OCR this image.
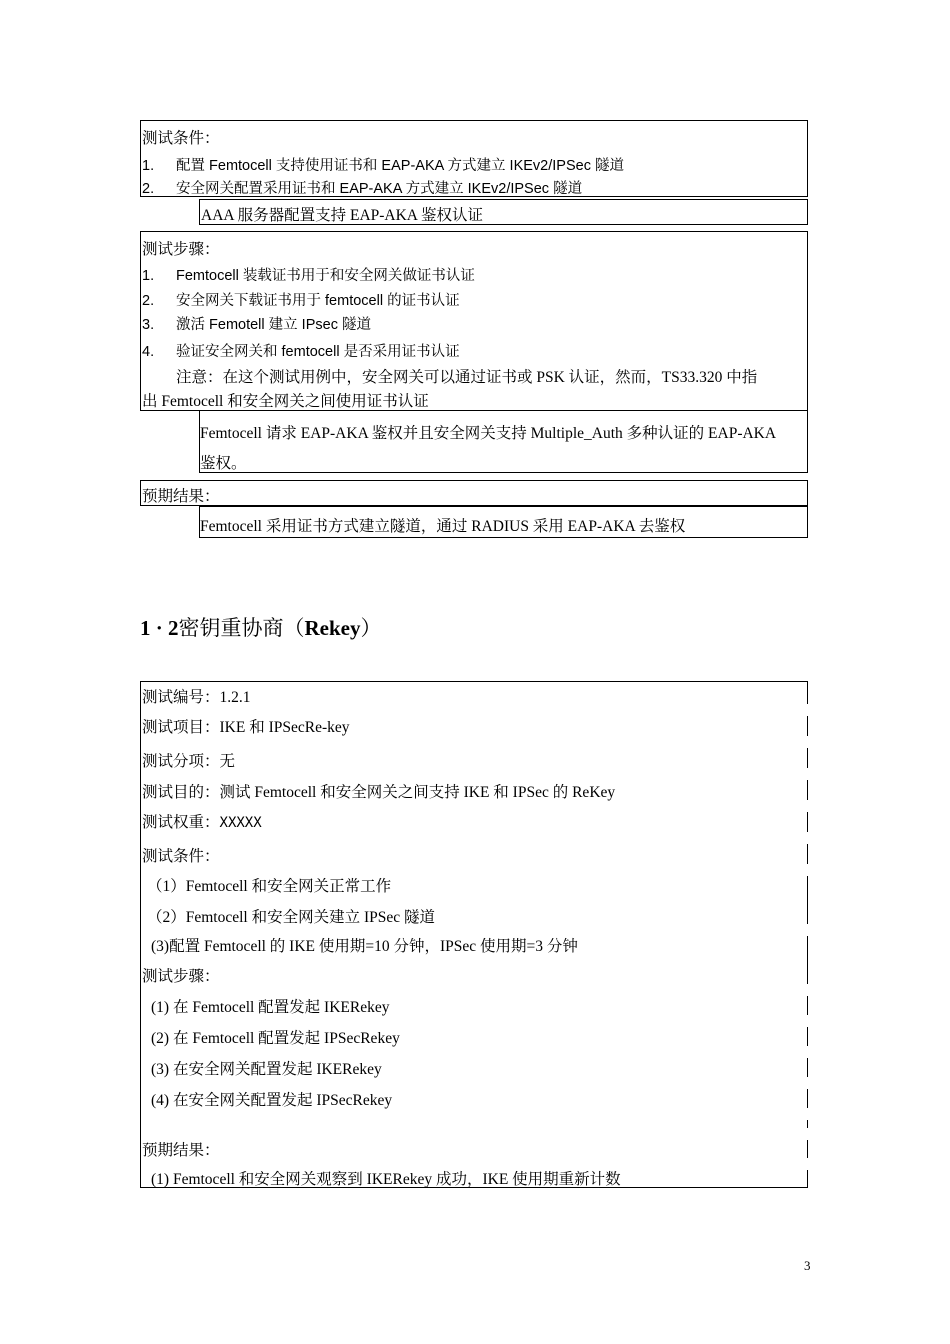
测试条件：
1. 配置 Femtocell 支持使用证书和 EAP-AKA 方式建立 IKEv2/IPSec 隧道
2. 安全网关配置采用证书和 EAP-AKA 方式建立 IKEv2/IPSec 隧道
AAA 服务器配置支持 EAP-AKA 鉴权认证
测试步骤：
1. Femtocell 装载证书用于和安全网关做证书认证
2. 安全网关下载证书用于 femtocell 的证书认证
3. 激活 Femotell 建立 IPsec 隧道
4. 验证安全网关和 femtocell 是否采用证书认证
注意：在这个测试用例中，安全网关可以通过证书或 PSK 认证，然而，TS33.320 中指
出 Femtocell 和安全网关之间使用证书认证
Femtocell 请求 EAP-AKA 鉴权并且安全网关支持 Multiple_Auth 多种认证的 EAP-AKA
鉴权。
预期结果：
Femtocell 采用证书方式建立隧道，通过 RADIUS 采用 EAP-AKA 去鉴权
1 · 2密钥重协商（Rekey）
测试编号：1.2.1
测试项目：IKE 和 IPSecRe-key
测试分项：无
测试目的：测试 Femtocell 和安全网关之间支持 IKE 和 IPSec 的 ReKey
测试权重：XXXXX
测试条件：
（1）Femtocell 和安全网关正常工作
（2）Femtocell 和安全网关建立 IPSec 隧道
(3)配置 Femtocell 的 IKE 使用期=10 分钟，IPSec 使用期=3 分钟
测试步骤：
(1) 在 Femtocell 配置发起 IKERekey
(2) 在 Femtocell 配置发起 IPSecRekey
(3) 在安全网关配置发起 IKERekey
(4) 在安全网关配置发起 IPSecRekey
预期结果：
(1) Femtocell 和安全网关观察到 IKERekey 成功，IKE 使用期重新计数
3
